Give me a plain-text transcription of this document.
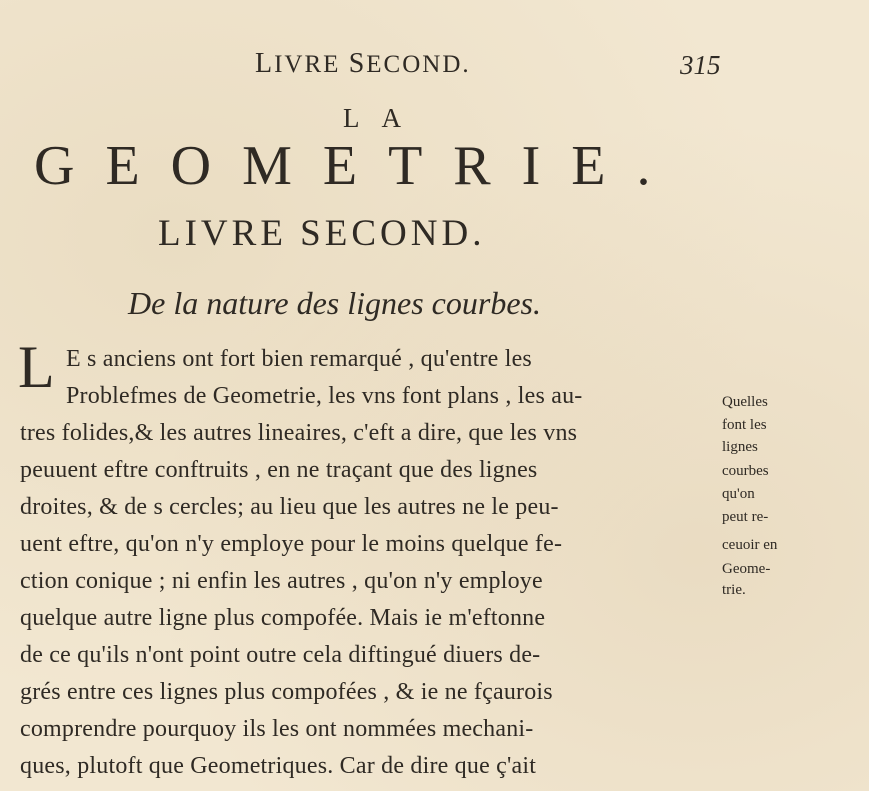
LIVRE SECOND.	315
LA
GEOMETRIE.
LIVRE SECOND.
De la nature des lignes courbes.
L E s anciens ont fort bien remarqué , qu'entre les
Problefmes de Geometrie, les vns font plans , les au-
tres folides,& les autres lineaires, c'eft a dire, que les vns
peuuent eftre conftruits , en ne traçant que des lignes
droites, & de s cercles; au lieu que les autres ne le peu-
uent eftre, qu'on n'y employe pour le moins quelque fe-
ction conique ; ni enfin les autres , qu'on n'y employe
quelque autre ligne plus compofée. Mais ie m'eftonne
de ce qu'ils n'ont point outre cela diftingué diuers de-
grés entre ces lignes plus compofées , & ie ne fçaurois
comprendre pourquoy ils les ont nommées mechani-
ques, plutoft que Geometriques. Car de dire que ç'ait
Quelles
font les
lignes
courbes
qu'on
peut re-
ceuoir en
Geome-
trie.
